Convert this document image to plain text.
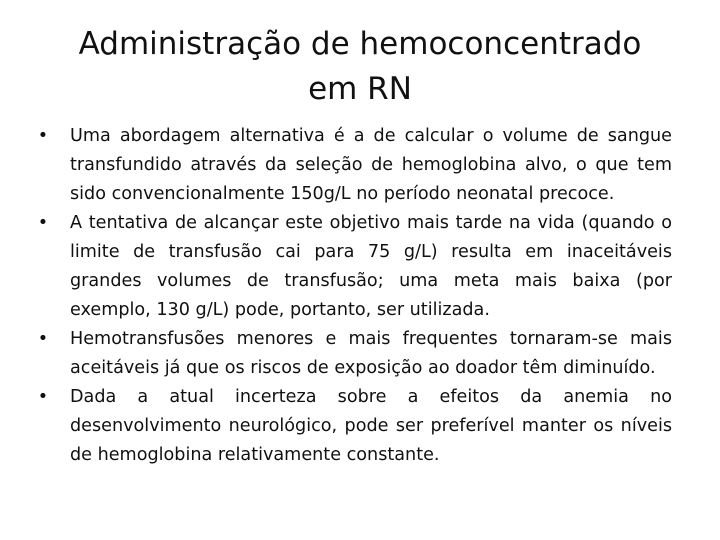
Administração de hemoconcentrado
em RN
• Uma abordagem alternativa é a de calcular o volume de sangue transfundido através da seleção de hemoglobina alvo, o que tem sido convencionalmente 150g/L no período neonatal precoce.
• A tentativa de alcançar este objetivo mais tarde na vida (quando o limite de transfusão cai para 75 g/L) resulta em inaceitáveis grandes volumes de transfusão; uma meta mais baixa (por exemplo, 130 g/L) pode, portanto, ser utilizada.
• Hemotransfusões menores e mais frequentes tornaram-se mais aceitáveis já que os riscos de exposição ao doador têm diminuído.
• Dada a atual incerteza sobre a efeitos da anemia no desenvolvimento neurológico, pode ser preferível manter os níveis de hemoglobina relativamente constante.
